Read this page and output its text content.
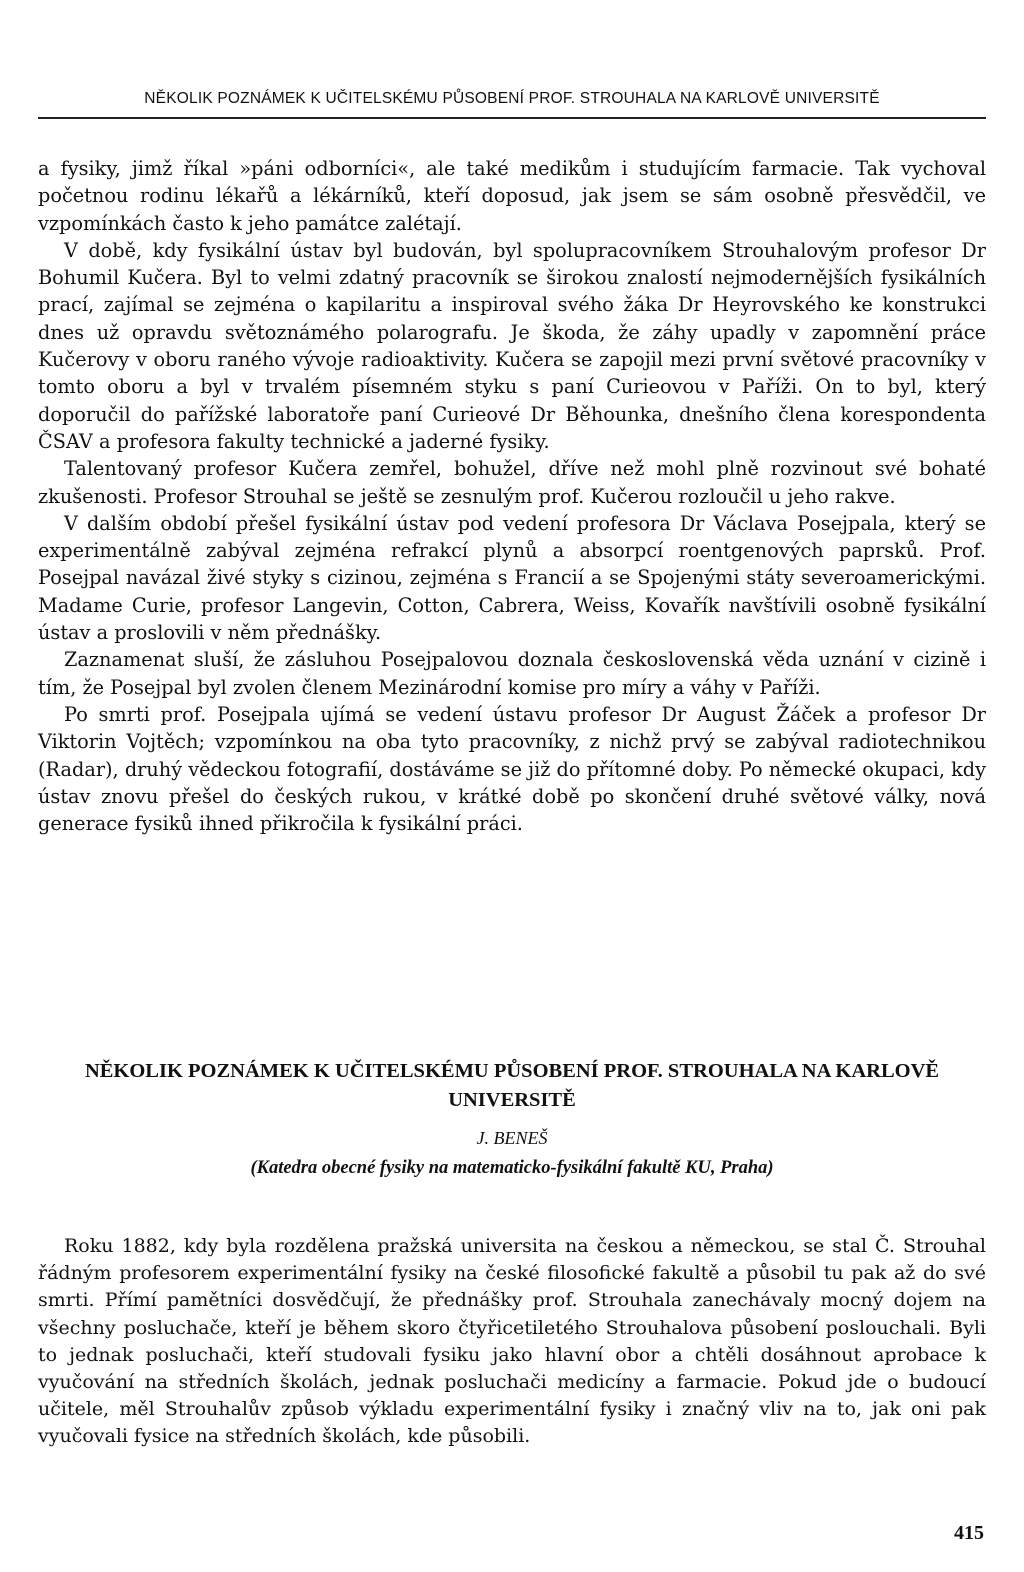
NĚKOLIK POZNÁMEK K UČITELSKÉMU PŮSOBENÍ PROF. STROUHALA NA KARLOVĚ UNIVERSITĚ

a fysiky, jimž říkal »páni odborníci«, ale také medikům i studujícím farmacie. Tak vychoval početnou rodinu lékařů a lékárníků, kteří doposud, jak jsem se sám osobně přesvědčil, ve vzpomínkách často k jeho památce zalétají.

V době, kdy fysikální ústav byl budován, byl spolupracovníkem Strouhalovým profesor Dr Bohumil Kučera. Byl to velmi zdatný pracovník se širokou znalostí nejmodernějších fysikálních prací, zajímal se zejména o kapilaritu a inspiroval svého žáka Dr Heyrovského ke konstrukci dnes už opravdu světoznámého polarografu. Je škoda, že záhy upadly v zapomnění práce Kučerovy v oboru raného vývoje radioaktivity. Kučera se zapojil mezi první světové pracovníky v tomto oboru a byl v trvalém písemném styku s paní Curieovou v Paříži. On to byl, který doporučil do pařížské laboratoře paní Curieové Dr Běhounka, dnešního člena korespondenta ČSAV a profesora fakulty technické a jaderné fysiky.

Talentovaný profesor Kučera zemřel, bohužel, dříve než mohl plně rozvinout své bohaté zkušenosti. Profesor Strouhal se ještě se zesnulým prof. Kučerou rozloučil u jeho rakve.

V dalším období přešel fysikální ústav pod vedení profesora Dr Václava Posejpala, který se experimentálně zabýval zejména refrakcí plynů a absorpcí roentgenových paprsků. Prof. Posejpal navázal živé styky s cizinou, zejména s Francií a se Spojenými státy severoamerickými. Madame Curie, profesor Langevin, Cotton, Cabrera, Weiss, Kovařík navštívili osobně fysikální ústav a proslovili v něm přednášky.

Zaznamenat sluší, že zásluhou Posejpalovou doznala československá věda uznání v cizině i tím, že Posejpal byl zvolen členem Mezinárodní komise pro míry a váhy v Paříži.

Po smrti prof. Posejpala ujímá se vedení ústavu profesor Dr August Žáček a profesor Dr Viktorin Vojtěch; vzpomínkou na oba tyto pracovníky, z nichž prvý se zabýval radiotechnikou (Radar), druhý vědeckou fotografií, dostáváme se již do přítomné doby. Po německé okupaci, kdy ústav znovu přešel do českých rukou, v krátké době po skončení druhé světové války, nová generace fysiků ihned přikročila k fysikální práci.

NĚKOLIK POZNÁMEK K UČITELSKÉMU PŮSOBENÍ PROF. STROUHALA NA KARLOVĚ UNIVERSITĚ
J. BENEŠ
(Katedra obecné fysiky na matematicko-fysikální fakultě KU, Praha)

Roku 1882, kdy byla rozdělena pražská universita na českou a německou, se stal Č. Strouhal řádným profesorem experimentální fysiky na české filosofické fakultě a působil tu pak až do své smrti. Přímí pamětníci dosvědčují, že přednášky prof. Strouhala zanechávaly mocný dojem na všechny posluchače, kteří je během skoro čtyřicetiletého Strouhalova působení poslouchali. Byli to jednak posluchači, kteří studovali fysiku jako hlavní obor a chtěli dosáhnout aprobace k vyučování na středních školách, jednak posluchači medicíny a farmacie. Pokud jde o budoucí učitele, měl Strouhalův způsob výkladu experimentální fysiky i značný vliv na to, jak oni pak vyučovali fysice na středních školách, kde působili.

415
